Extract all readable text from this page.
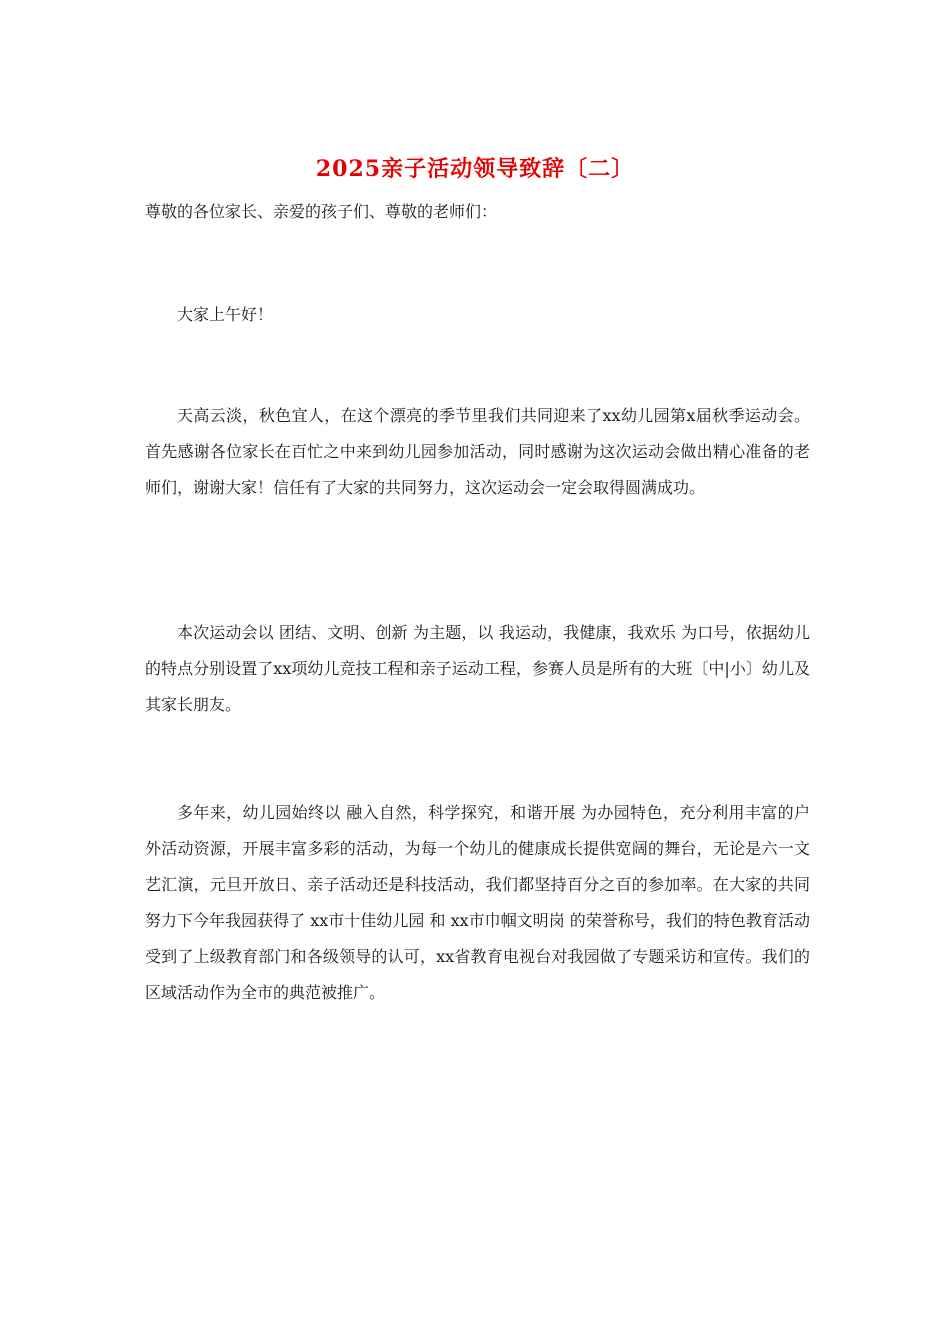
2025亲子活动领导致辞〔二〕

尊敬的各位家长、亲爱的孩子们、尊敬的老师们：

大家上午好！

天高云淡，秋色宜人，在这个漂亮的季节里我们共同迎来了xx幼儿园第x届秋季运动会。首先感谢各位家长在百忙之中来到幼儿园参加活动，同时感谢为这次运动会做出精心准备的老师们，谢谢大家！信任有了大家的共同努力，这次运动会一定会取得圆满成功。

本次运动会以 团结、文明、创新 为主题，以 我运动，我健康，我欢乐 为口号，依据幼儿的特点分别设置了xx项幼儿竞技工程和亲子运动工程，参赛人员是所有的大班〔中|小〕幼儿及其家长朋友。

多年来，幼儿园始终以 融入自然，科学探究，和谐开展 为办园特色，充分利用丰富的户外活动资源，开展丰富多彩的活动，为每一个幼儿的健康成长提供宽阔的舞台，无论是六一文艺汇演，元旦开放日、亲子活动还是科技活动，我们都坚持百分之百的参加率。在大家的共同努力下今年我园获得了 xx市十佳幼儿园 和 xx市巾帼文明岗 的荣誉称号，我们的特色教育活动受到了上级教育部门和各级领导的认可，xx省教育电视台对我园做了专题采访和宣传。我们的区域活动作为全市的典范被推广。
